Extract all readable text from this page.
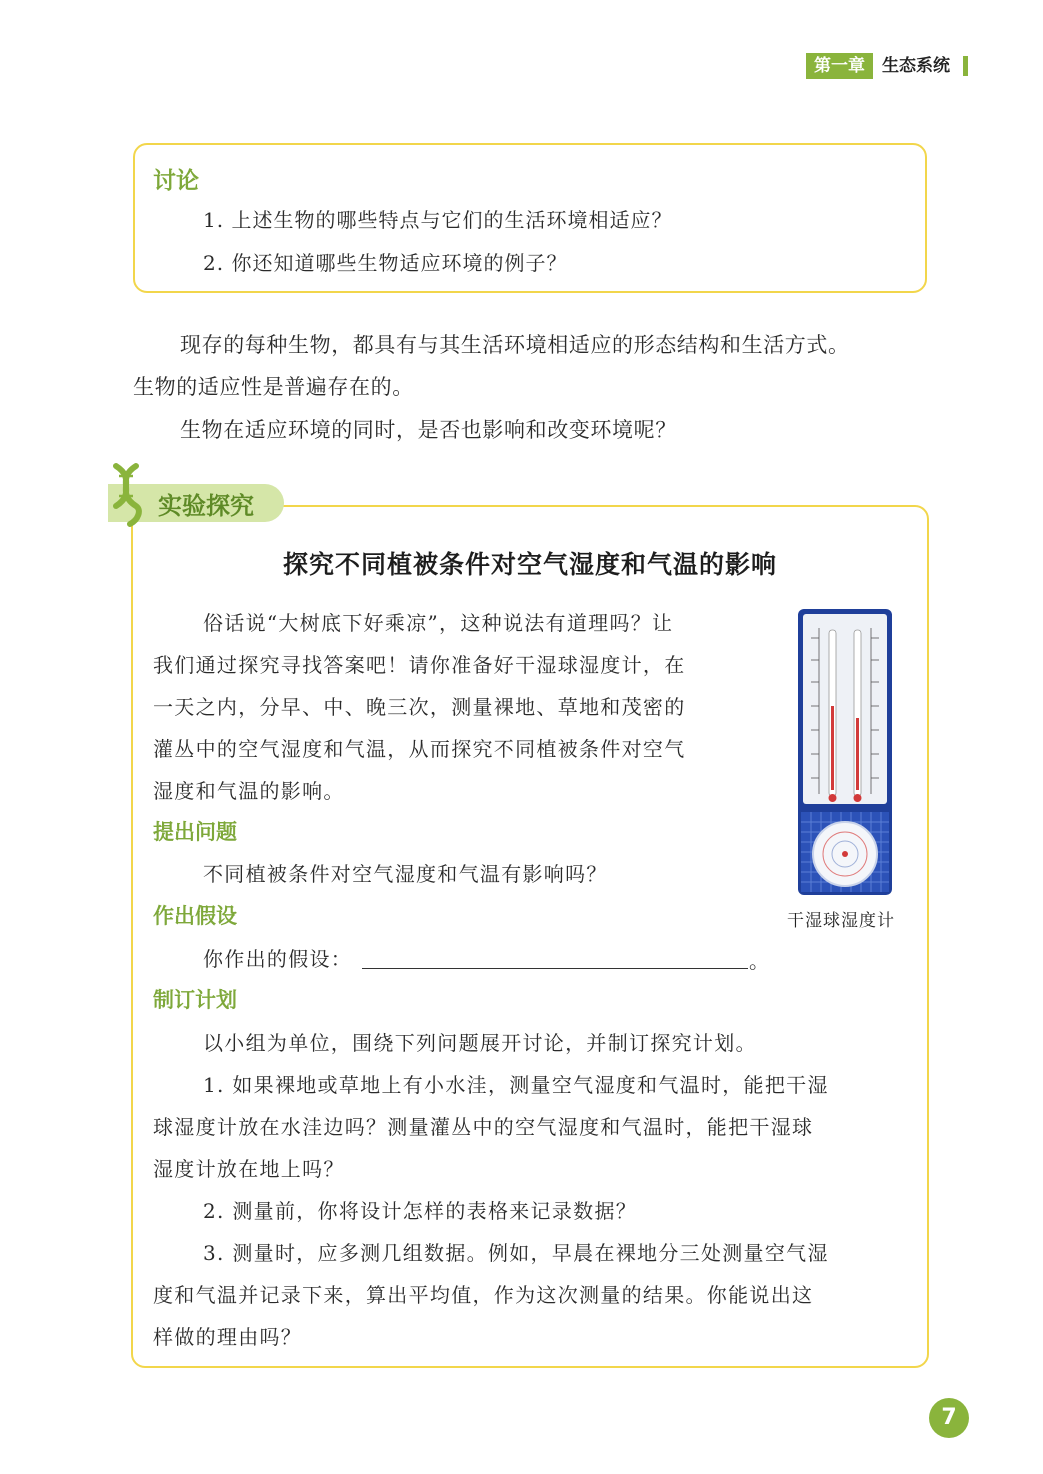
第一章	生态系统
讨论
1. 上述生物的哪些特点与它们的生活环境相适应？
2. 你还知道哪些生物适应环境的例子？
现存的每种生物，都具有与其生活环境相适应的形态结构和生活方式。
生物的适应性是普遍存在的。
生物在适应环境的同时，是否也影响和改变环境呢？
实验探究
探究不同植被条件对空气湿度和气温的影响
俗话说“大树底下好乘凉”，这种说法有道理吗？让
我们通过探究寻找答案吧！请你准备好干湿球湿度计，在
一天之内，分早、中、晚三次，测量裸地、草地和茂密的
灌丛中的空气湿度和气温，从而探究不同植被条件对空气
湿度和气温的影响。
提出问题
不同植被条件对空气湿度和气温有影响吗？
作出假设
你作出的假设：	。
制订计划
以小组为单位，围绕下列问题展开讨论，并制订探究计划。
1. 如果裸地或草地上有小水洼，测量空气湿度和气温时，能把干湿
球湿度计放在水洼边吗？测量灌丛中的空气湿度和气温时，能把干湿球
湿度计放在地上吗？
2. 测量前，你将设计怎样的表格来记录数据？
3. 测量时，应多测几组数据。例如，早晨在裸地分三处测量空气湿
度和气温并记录下来，算出平均值，作为这次测量的结果。你能说出这
样做的理由吗？
干湿球湿度计
7
